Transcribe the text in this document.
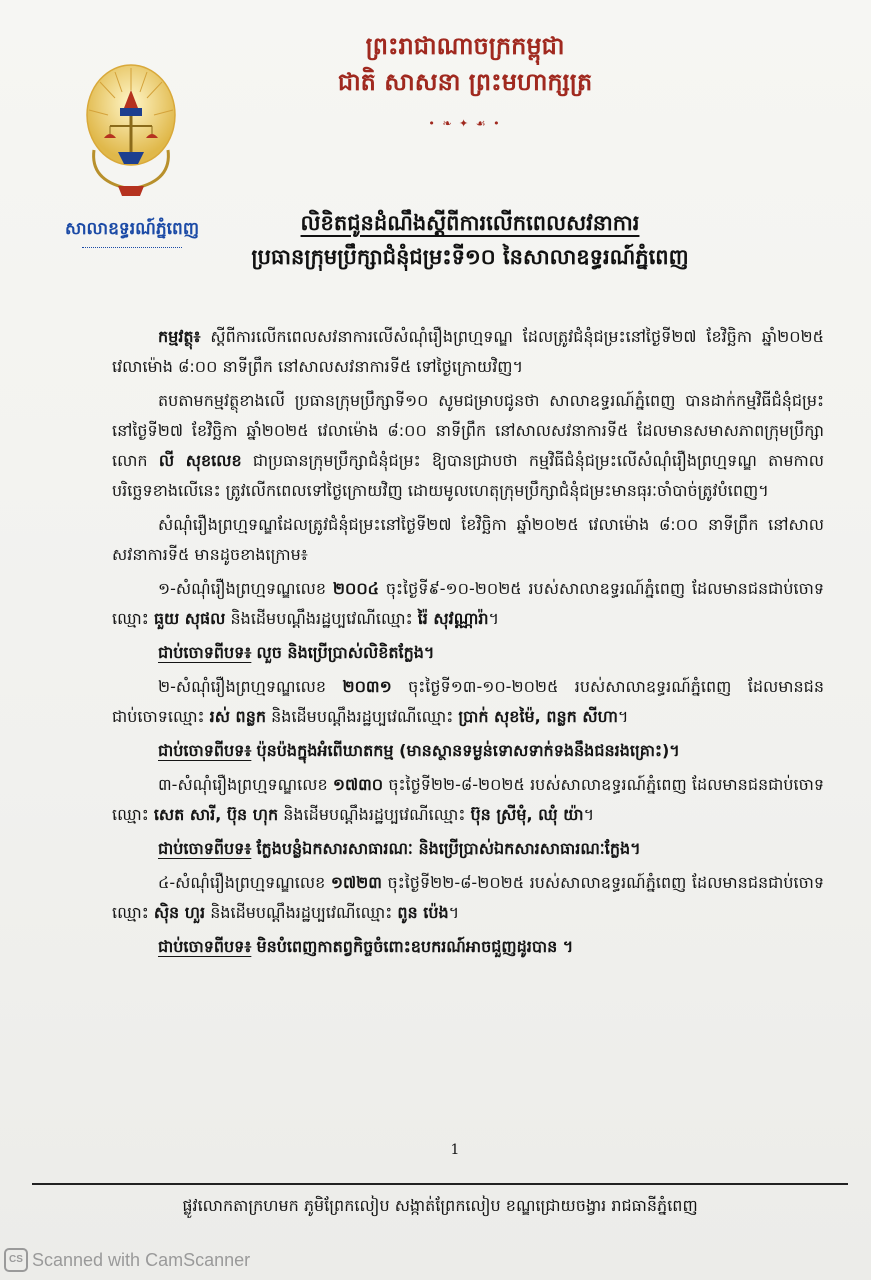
ព្រះរាជាណាចក្រកម្ពុជា
ជាតិ សាសនា ព្រះមហាក្សត្រ
• ❧ ✦ ☙ •
សាលាឧទ្ធរណ៍ភ្នំពេញ	លិខិតជូនដំណឹងស្តីពីការលើកពេលសវនាការ
ប្រធានក្រុមប្រឹក្សាជំនុំជម្រះទី១០ នៃសាលាឧទ្ធរណ៍ភ្នំពេញ

កម្មវត្ថុ៖ ស្តីពីការលើកពេលសវនាការលើសំណុំរឿងព្រហ្មទណ្ឌ ដែលត្រូវជំនុំជម្រះនៅថ្ងៃទី២៧ ខែវិច្ឆិកា ឆ្នាំ២០២៥ វេលាម៉ោង ៨:០០ នាទីព្រឹក នៅសាលសវនាការទី៥ ទៅថ្ងៃក្រោយវិញ។

តបតាមកម្មវត្ថុខាងលើ ប្រធានក្រុមប្រឹក្សាទី១០ សូមជម្រាបជូនថា សាលាឧទ្ធរណ៍ភ្នំពេញ បានដាក់កម្មវិធីជំនុំជម្រះនៅថ្ងៃទី២៧ ខែវិច្ឆិកា ឆ្នាំ២០២៥ វេលាម៉ោង ៨:០០ នាទីព្រឹក នៅសាលសវនាការទី៥ ដែលមានសមាសភាពក្រុមប្រឹក្សា លោក លី សុខលេខ ជាប្រធានក្រុមប្រឹក្សាជំនុំជម្រះ ឱ្យបានជ្រាបថា កម្មវិធីជំនុំជម្រះលើសំណុំរឿងព្រហ្មទណ្ឌ តាមកាលបរិច្ឆេទខាងលើនេះ ត្រូវលើកពេលទៅថ្ងៃក្រោយវិញ ដោយមូលហេតុក្រុមប្រឹក្សាជំនុំជម្រះមានធុរៈចាំបាច់ត្រូវបំពេញ។

សំណុំរឿងព្រហ្មទណ្ឌដែលត្រូវជំនុំជម្រះនៅថ្ងៃទី២៧ ខែវិច្ឆិកា ឆ្នាំ២០២៥ វេលាម៉ោង ៨:០០ នាទីព្រឹក នៅសាលសវនាការទី៥ មានដូចខាងក្រោម៖

១-សំណុំរឿងព្រហ្មទណ្ឌលេខ ២០០៤ ចុះថ្ងៃទី៩-១០-២០២៥ របស់សាលាឧទ្ធរណ៍ភ្នំពេញ ដែលមានជនជាប់ចោទឈ្មោះ ធួយ សុផល និងដើមបណ្តឹងរដ្ឋប្បវេណីឈ្មោះ រ៉ៃ សុវណ្ណារ៉ា។

ជាប់ចោទពីបទ៖ លួច និងប្រើប្រាស់លិខិតក្លែង។

២-សំណុំរឿងព្រហ្មទណ្ឌលេខ ២០៣១ ចុះថ្ងៃទី១៣-១០-២០២៥ របស់សាលាឧទ្ធរណ៍ភ្នំពេញ ដែលមានជនជាប់ចោទឈ្មោះ រស់ ពន្លក និងដើមបណ្តឹងរដ្ឋប្បវេណីឈ្មោះ ប្រាក់ សុខម៉ៃ, ពន្លក សីហា។

ជាប់ចោទពីបទ៖ ប៉ុនប៉ងក្នុងអំពើឃាតកម្ម (មានស្ថានទម្ងន់ទោសទាក់ទងនឹងជនរងគ្រោះ)។

៣-សំណុំរឿងព្រហ្មទណ្ឌលេខ ១៧៣០ ចុះថ្ងៃទី២២-៨-២០២៥ របស់សាលាឧទ្ធរណ៍ភ្នំពេញ ដែលមានជនជាប់ចោទឈ្មោះ សេត សារី, ប៊ុន ហុក និងដើមបណ្តឹងរដ្ឋប្បវេណីឈ្មោះ ប៊ុន ស្រីមុំ, ឈុំ យ៉ា។

ជាប់ចោទពីបទ៖ ក្លែងបន្លំឯកសារសាធារណៈ និងប្រើប្រាស់ឯកសារសាធារណៈក្លែង។

៤-សំណុំរឿងព្រហ្មទណ្ឌលេខ ១៧២៣ ចុះថ្ងៃទី២២-៨-២០២៥ របស់សាលាឧទ្ធរណ៍ភ្នំពេញ ដែលមានជនជាប់ចោទឈ្មោះ ស៊ិន ហួរ និងដើមបណ្តឹងរដ្ឋប្បវេណីឈ្មោះ ពូន ប៉េង។

ជាប់ចោទពីបទ៖ មិនបំពេញកាតព្វកិច្ចចំពោះឧបករណ៍អាចជួញដូរបាន ។

1
ផ្លូវលោកតាក្រហមក ភូមិព្រែកលៀប សង្កាត់ព្រែកលៀប ខណ្ឌជ្រោយចង្វារ រាជធានីភ្នំពេញ
CS Scanned with CamScanner
